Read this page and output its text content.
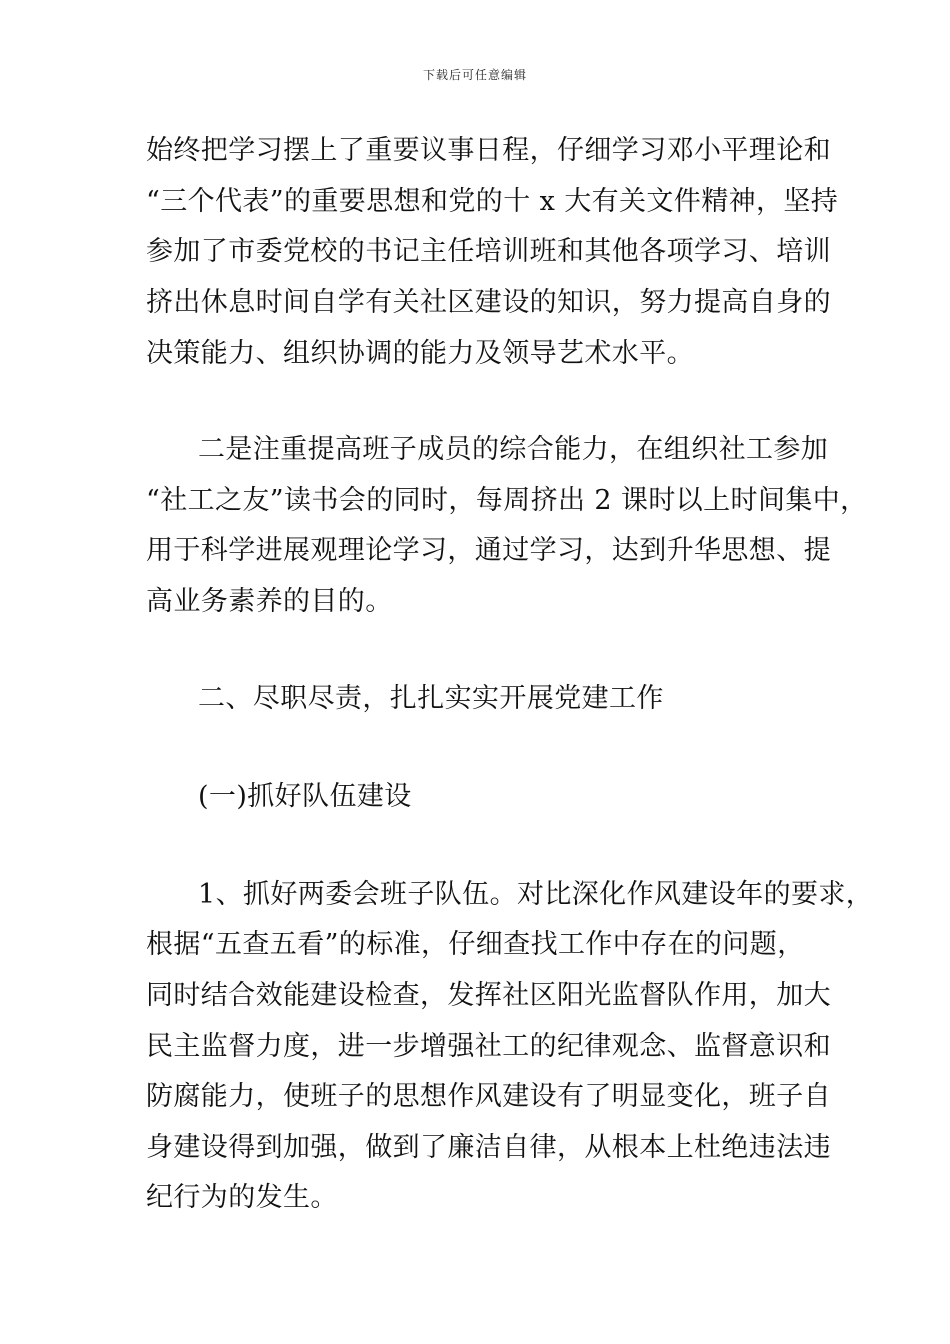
下载后可任意编辑
始终把学习摆上了重要议事日程，仔细学习邓小平理论和
“三个代表”的重要思想和党的十 x 大有关文件精神，坚持
参加了市委党校的书记主任培训班和其他各项学习、培训
挤出休息时间自学有关社区建设的知识，努力提高自身的
决策能力、组织协调的能力及领导艺术水平。
二是注重提高班子成员的综合能力，在组织社工参加
“社工之友”读书会的同时，每周挤出 2 课时以上时间集中，
用于科学进展观理论学习，通过学习，达到升华思想、提
高业务素养的目的。
二、尽职尽责，扎扎实实开展党建工作
(一)抓好队伍建设
1、抓好两委会班子队伍。对比深化作风建设年的要求，
根据“五查五看”的标准，仔细查找工作中存在的问题，
同时结合效能建设检查，发挥社区阳光监督队作用，加大
民主监督力度，进一步增强社工的纪律观念、监督意识和
防腐能力，使班子的思想作风建设有了明显变化，班子自
身建设得到加强，做到了廉洁自律，从根本上杜绝违法违
纪行为的发生。
